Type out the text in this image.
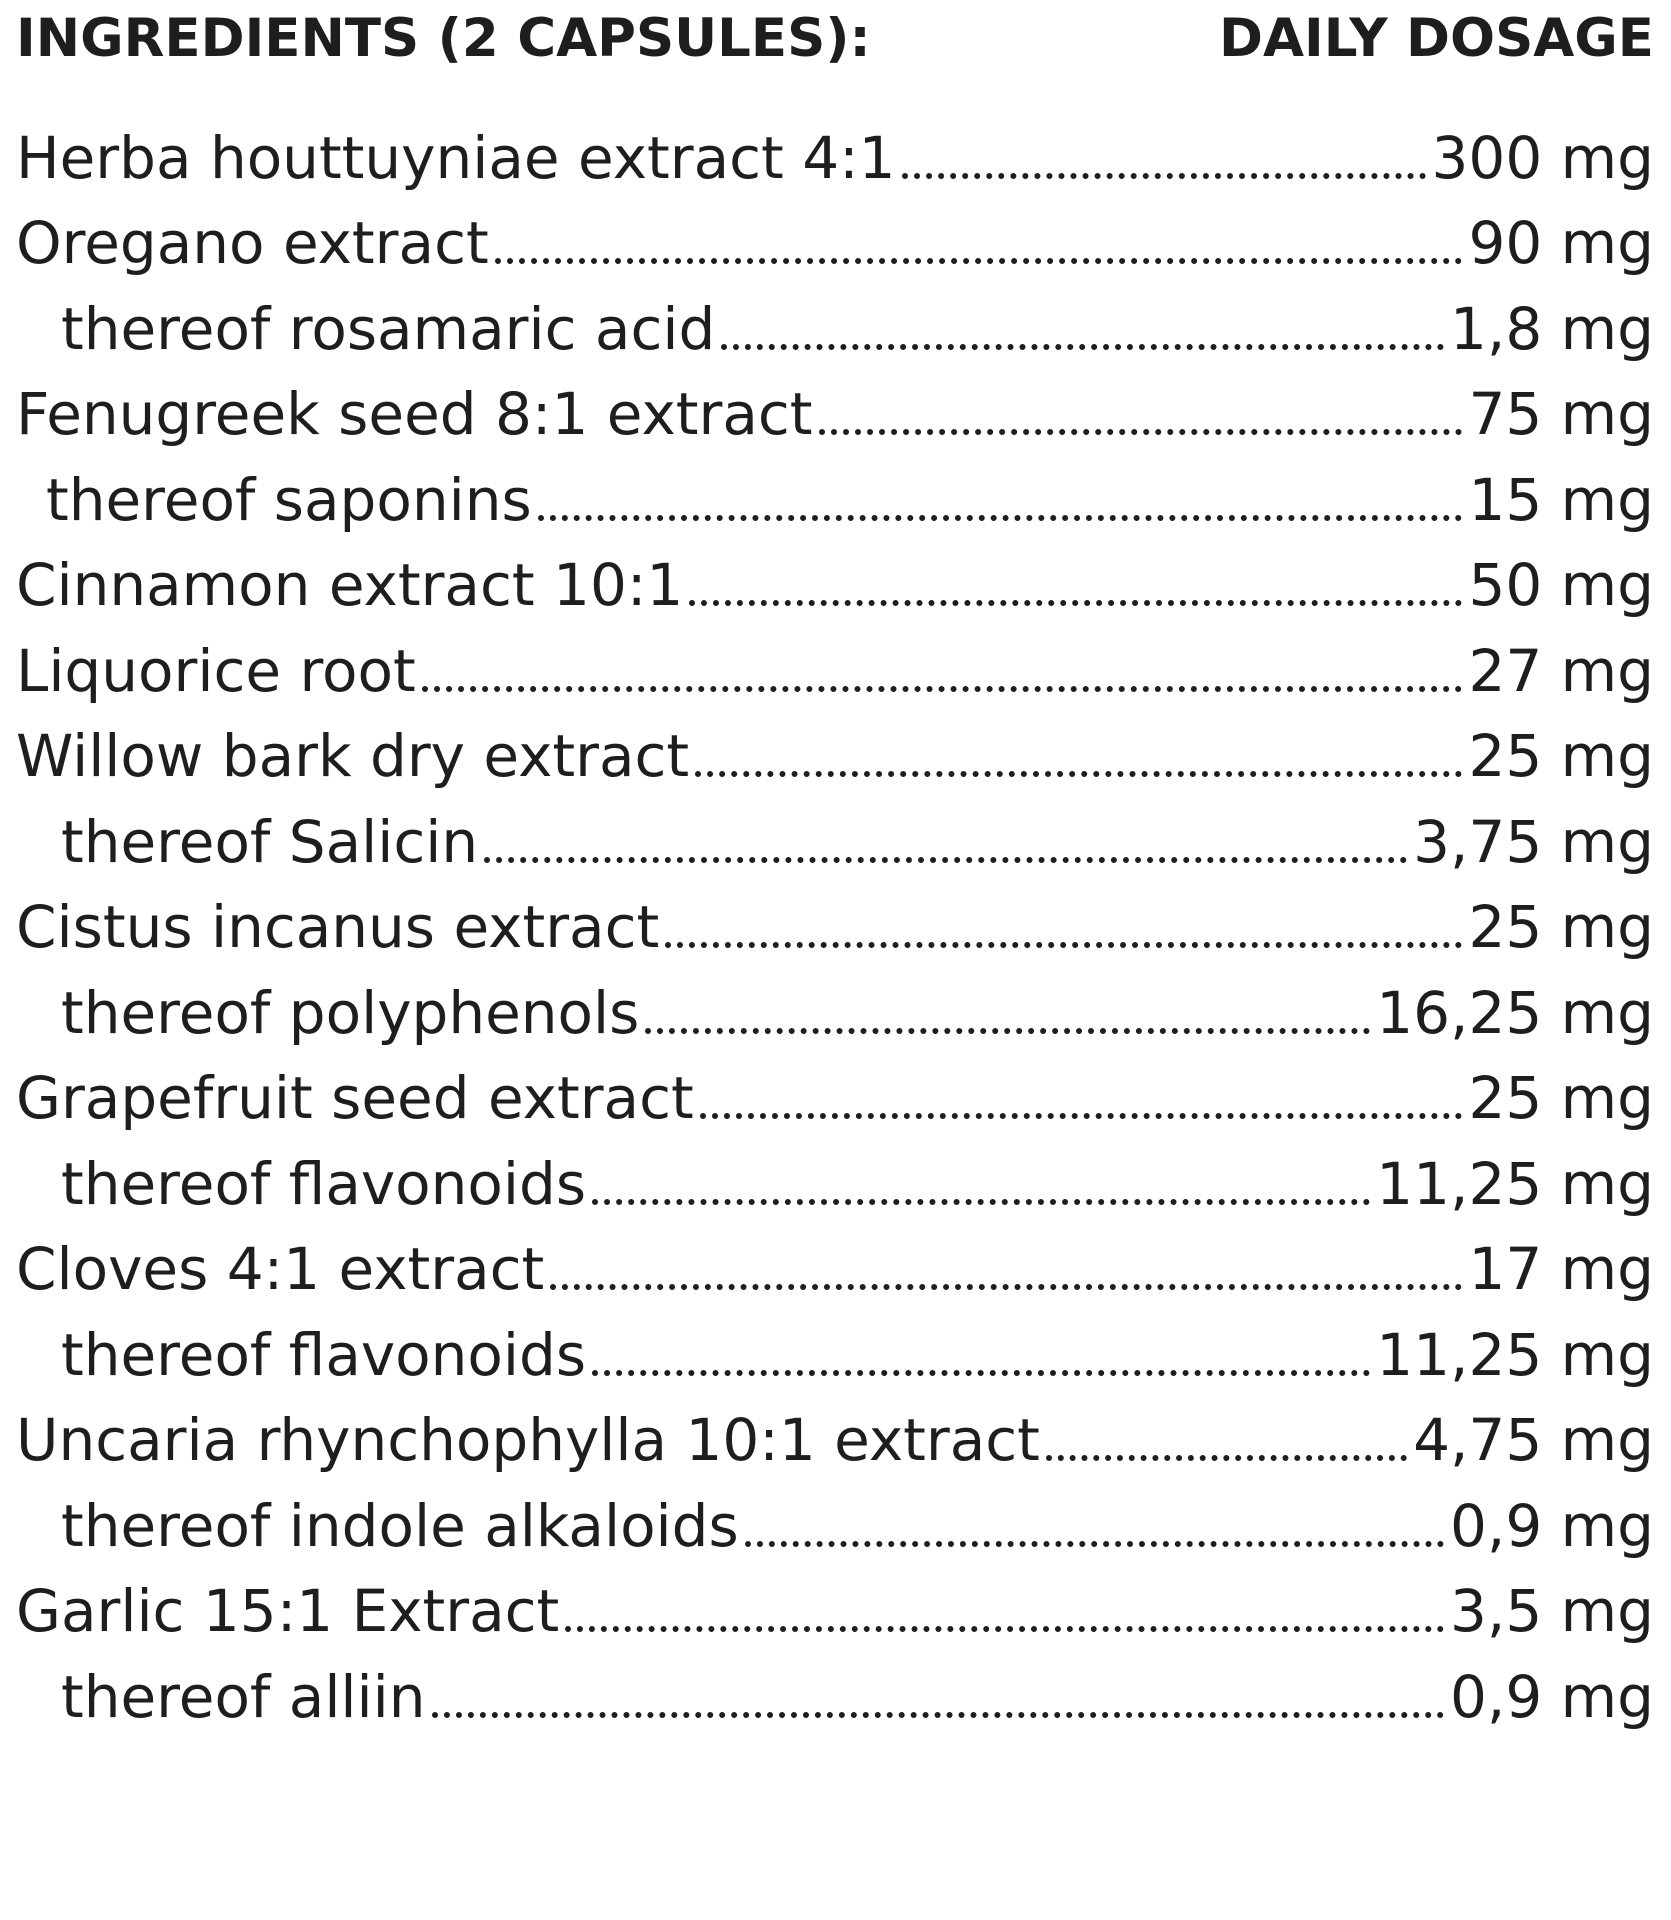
INGREDIENTS (2 CAPSULES):	DAILY DOSAGE
Herba houttuyniae extract 4:1	300 mg
Oregano extract	90 mg
thereof rosamaric acid	1,8 mg
Fenugreek seed 8:1 extract	75 mg
thereof saponins	15 mg
Cinnamon extract 10:1	50 mg
Liquorice root	27 mg
Willow bark dry extract	25 mg
thereof Salicin	3,75 mg
Cistus incanus extract	25 mg
thereof polyphenols	16,25 mg
Grapefruit seed extract	25 mg
thereof flavonoids	11,25 mg
Cloves 4:1 extract	17 mg
thereof flavonoids	11,25 mg
Uncaria rhynchophylla 10:1 extract	4,75 mg
thereof indole alkaloids	0,9 mg
Garlic 15:1 Extract	3,5 mg
thereof alliin	0,9 mg
